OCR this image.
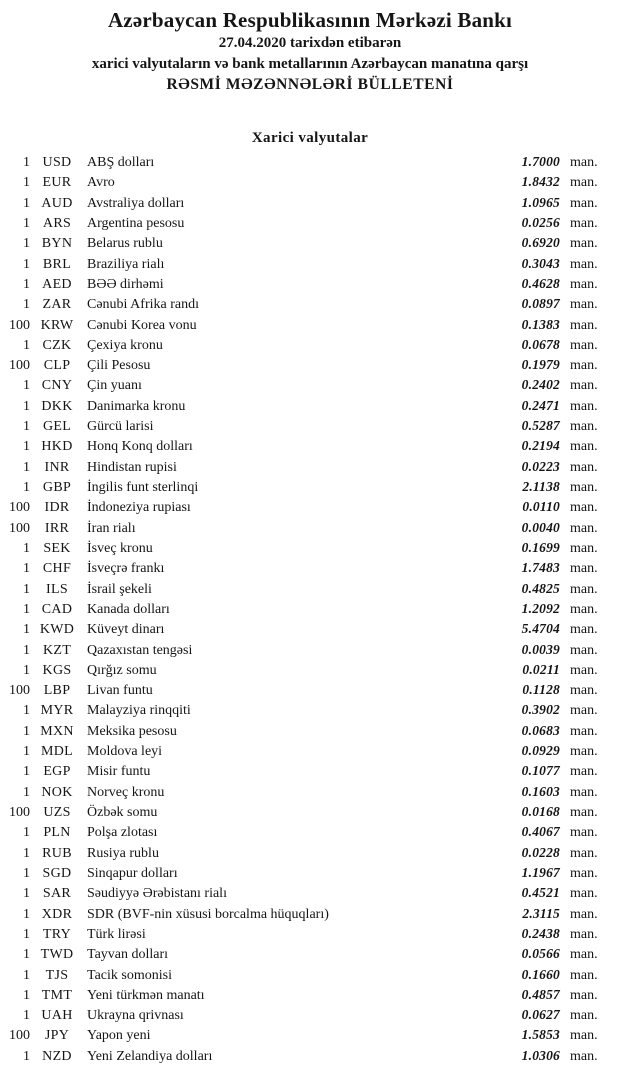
Azərbaycan Respublikasının Mərkəzi Bankı
27.04.2020 tarixdən etibarən
xarici valyutaların və bank metallarının Azərbaycan manatına qarşı
RƏSMİ MƏZƏNNƏLƏRİ BÜLLETENİ
Xarici valyutalar
1 USD	ABŞ dolları	1.7000 man.
1 EUR	Avro	1.8432 man.
1 AUD	Avstraliya dolları	1.0965 man.
1 ARS	Argentina pesosu	0.0256 man.
1 BYN	Belarus rublu	0.6920 man.
1 BRL	Braziliya rialı	0.3043 man.
1 AED	BƏƏ dirhəmi	0.4628 man.
1 ZAR	Cənubi Afrika randı	0.0897 man.
100 KRW Cənubi Korea vonu	0.1383 man.
1 CZK	Çexiya kronu	0.0678 man.
100 CLP	Çili Pesosu	0.1979 man.
1 CNY	Çin yuanı	0.2402 man.
1 DKK	Danimarka kronu	0.2471 man.
1 GEL	Gürcü larisi	0.5287 man.
1 HKD	Honq Konq dolları	0.2194 man.
1	INR	Hindistan rupisi	0.0223 man.
1 GBP	İngilis funt sterlinqi	2.1138 man.
100	IDR	İndoneziya rupiası	0.0110 man.
100	IRR	İran rialı	0.0040 man.
1 SEK	İsveç kronu	0.1699 man.
1 CHF	İsveçrə frankı	1.7483 man.
1	ILS	İsrail şekeli	0.4825 man.
1 CAD	Kanada dolları	1.2092 man.
1 KWD Küveyt dinarı	5.4704 man.
1 KZT	Qazaxıstan tengəsi	0.0039 man.
1 KGS	Qırğız somu	0.0211 man.
100 LBP	Livan funtu	0.1128 man.
1 MYR Malayziya rinqqiti	0.3902 man.
1 MXN Meksika pesosu	0.0683 man.
1 MDL	Moldova leyi	0.0929 man.
1 EGP	Misir funtu	0.1077 man.
1 NOK	Norveç kronu	0.1603 man.
100 UZS	Özbək somu	0.0168 man.
1 PLN	Polşa zlotası	0.4067 man.
1 RUB	Rusiya rublu	0.0228 man.
1 SGD	Sinqapur dolları	1.1967 man.
1 SAR	Səudiyyə Ərəbistanı rialı	0.4521 man.
1 XDR	SDR (BVF-nin xüsusi borcalma hüquqları)	2.3115 man.
1 TRY	Türk lirəsi	0.2438 man.
1 TWD Tayvan dolları	0.0566 man.
1	TJS	Tacik somonisi	0.1660 man.
1 TMT	Yeni türkmən manatı	0.4857 man.
1 UAH	Ukrayna qrivnası	0.0627 man.
100	JPY	Yapon yeni	1.5853 man.
1 NZD	Yeni Zelandiya dolları	1.0306 man.
